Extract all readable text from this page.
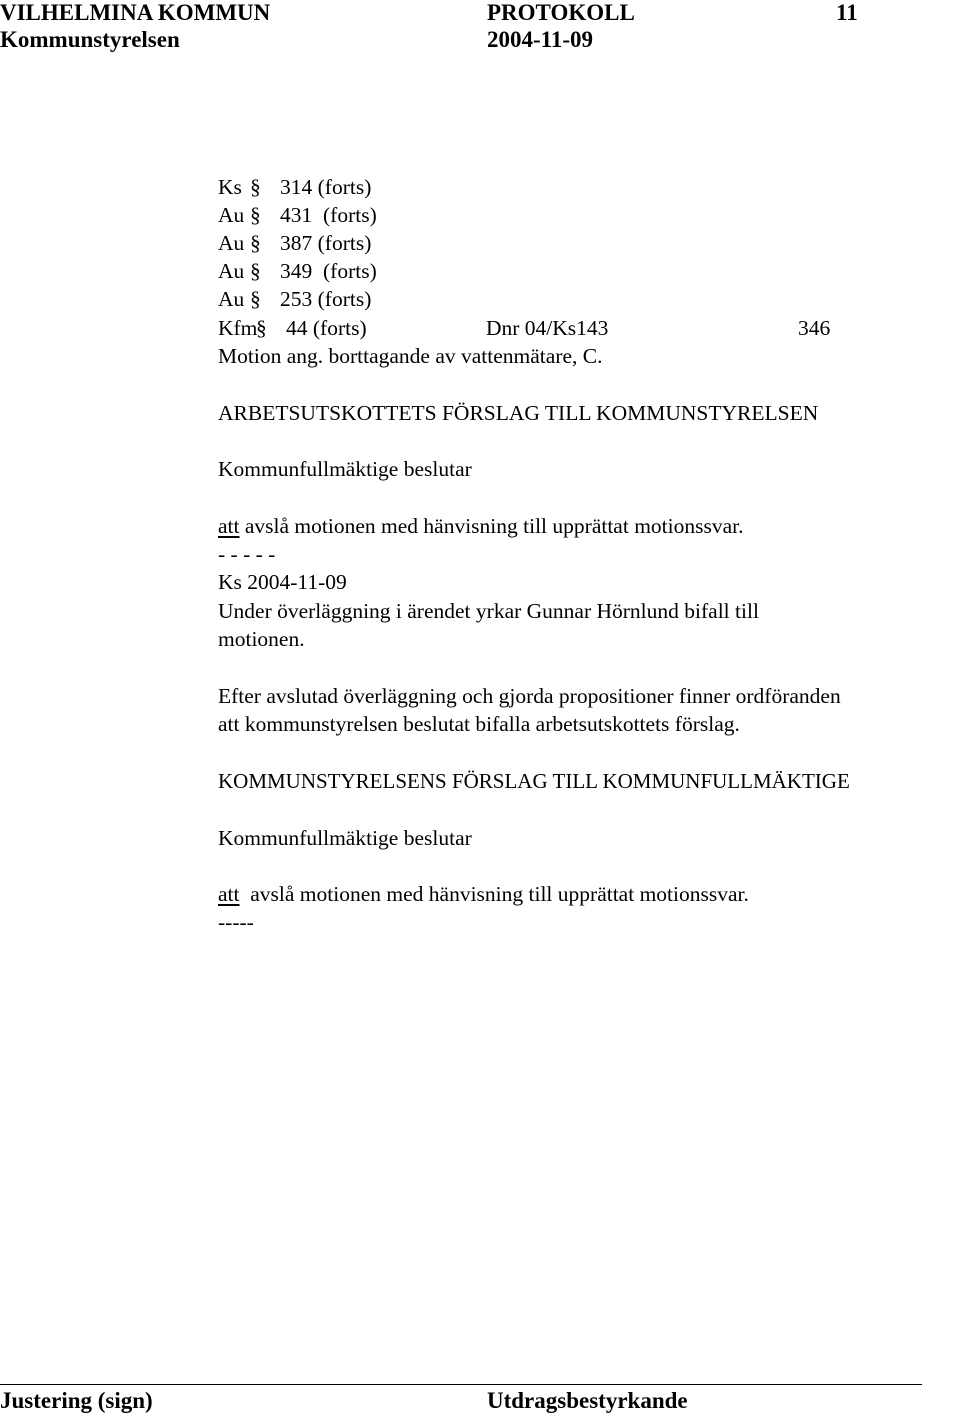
VILHELMINA KOMMUN	PROTOKOLL	11
Kommunstyrelsen	2004-11-09
Ks § 314 (forts)
Au § 431  (forts)
Au § 387 (forts)
Au § 349  (forts)
Au § 253 (forts)
Kfm§ 44 (forts)	Dnr 04/Ks143	346
Motion ang. borttagande av vattenmätare, C.
ARBETSUTSKOTTETS FÖRSLAG TILL KOMMUNSTYRELSEN
Kommunfullmäktige beslutar
att avslå motionen med hänvisning till upprättat motionssvar.
- - - - -
Ks 2004-11-09
Under överläggning i ärendet yrkar Gunnar Hörnlund bifall till
motionen.
Efter avslutad överläggning och gjorda propositioner finner ordföranden
att kommunstyrelsen beslutat bifalla arbetsutskottets förslag.
KOMMUNSTYRELSENS FÖRSLAG TILL KOMMUNFULLMÄKTIGE
Kommunfullmäktige beslutar
att  avslå motionen med hänvisning till upprättat motionssvar.
-----
Justering (sign)	Utdragsbestyrkande
